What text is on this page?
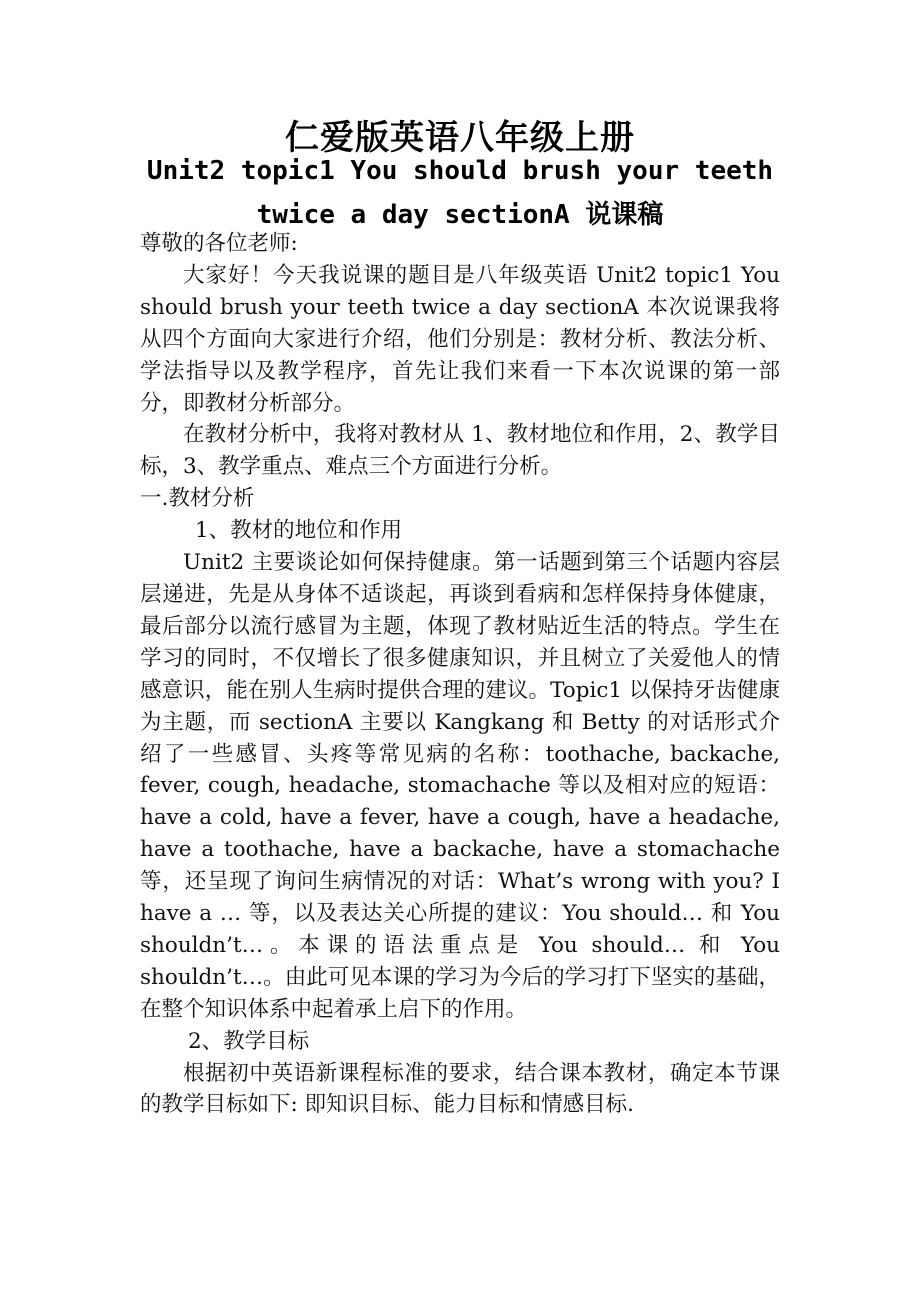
仁爱版英语八年级上册
Unit2 topic1 You should brush your teeth
twice a day sectionA 说课稿

尊敬的各位老师:

大家好！今天我说课的题目是八年级英语 Unit2 topic1 You should brush your teeth twice a day sectionA 本次说课我将从四个方面向大家进行介绍，他们分别是：教材分析、教法分析、学法指导以及教学程序，首先让我们来看一下本次说课的第一部分，即教材分析部分。

在教材分析中，我将对教材从 1、教材地位和作用，2、教学目标，3、教学重点、难点三个方面进行分析。

一.教材分析

1、教材的地位和作用

Unit2 主要谈论如何保持健康。第一话题到第三个话题内容层层递进，先是从身体不适谈起，再谈到看病和怎样保持身体健康，最后部分以流行感冒为主题，体现了教材贴近生活的特点。学生在学习的同时，不仅增长了很多健康知识，并且树立了关爱他人的情感意识，能在别人生病时提供合理的建议。Topic1 以保持牙齿健康为主题，而 sectionA 主要以 Kangkang 和 Betty 的对话形式介绍了一些感冒、头疼等常见病的名称：toothache, backache, fever, cough, headache, stomachache 等以及相对应的短语：have a cold, have a fever, have a cough, have a headache, have a toothache, have a backache, have a stomachache 等，还呈现了询问生病情况的对话：What’s wrong with you? I have a … 等，以及表达关心所提的建议：You should… 和 You shouldn’t…。本课的语法重点是 You should… 和 You shouldn’t…。由此可见本课的学习为今后的学习打下坚实的基础，在整个知识体系中起着承上启下的作用。

2、教学目标

根据初中英语新课程标准的要求，结合课本教材，确定本节课的教学目标如下: 即知识目标、能力目标和情感目标.
